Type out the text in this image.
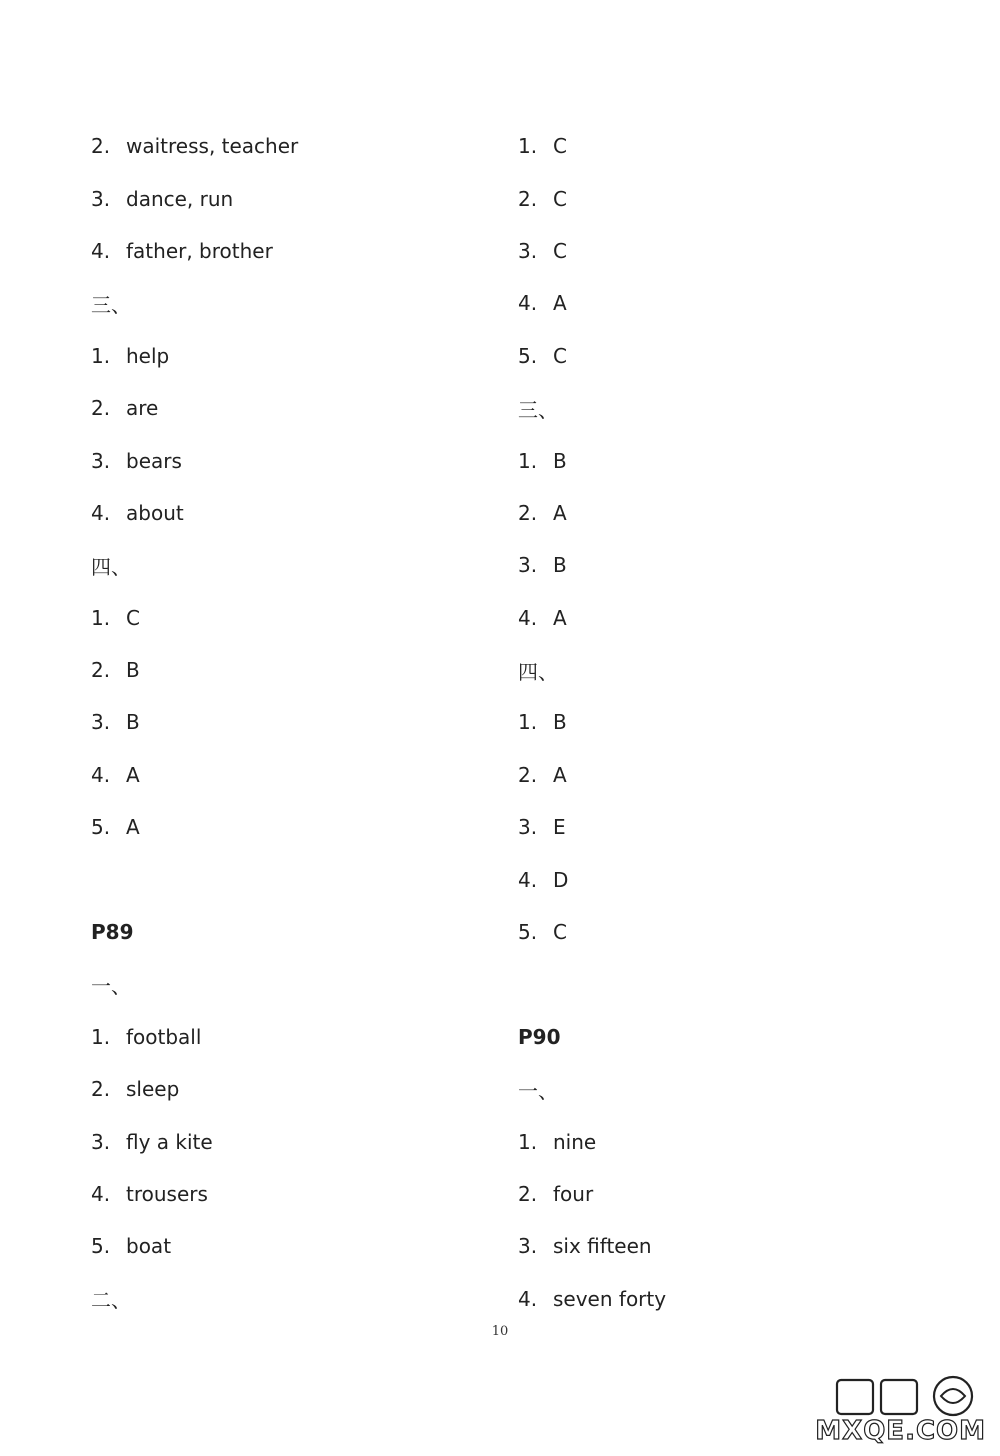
2. waitress, teacher
3. dance, run
4. father, brother
三、
1. help
2. are
3. bears
4. about
四、
1. C
2. B
3. B
4. A
5. A
P89
一、
1. football
2. sleep
3. fly a kite
4. trousers
5. boat
二、
1. C
2. C
3. C
4. A
5. C
三、
1. B
2. A
3. B
4. A
四、
1. B
2. A
3. E
4. D
5. C
P90
一、
1. nine
2. four
3. six fifteen
4. seven forty
10
MXQE.COM
